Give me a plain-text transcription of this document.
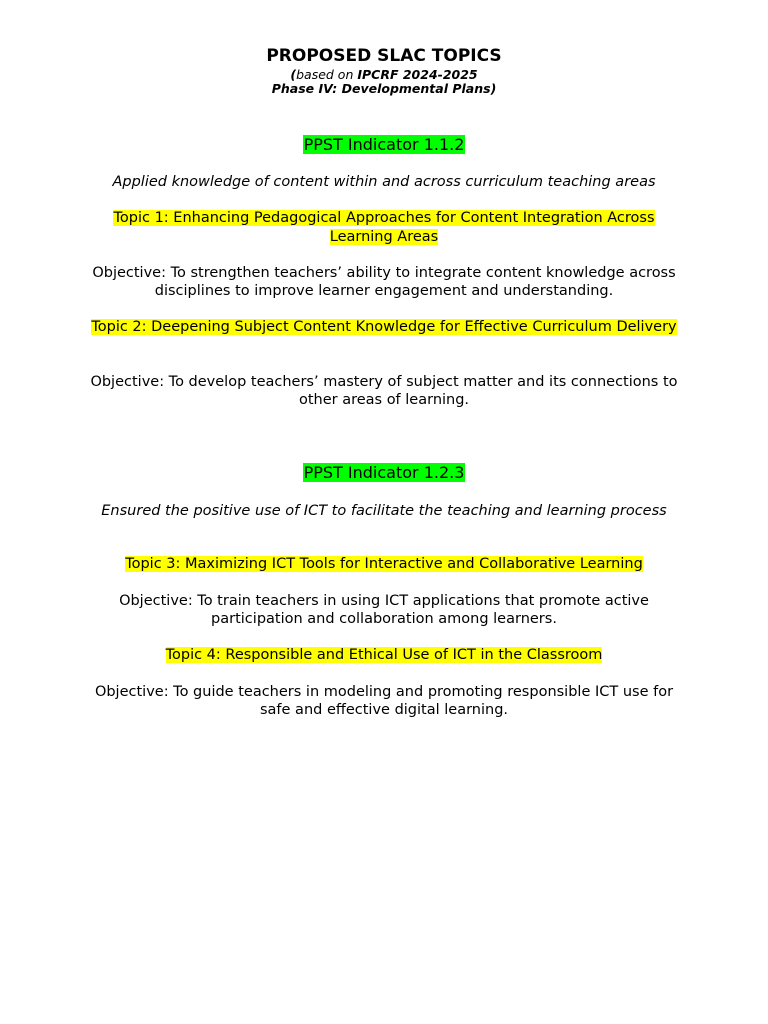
PROPOSED SLAC TOPICS
(based on IPCRF 2024-2025
Phase IV: Developmental Plans)
PPST Indicator 1.1.2
Applied knowledge of content within and across curriculum teaching areas
Topic 1: Enhancing Pedagogical Approaches for Content Integration Across Learning Areas
Objective: To strengthen teachers’ ability to integrate content knowledge across disciplines to improve learner engagement and understanding.
Topic 2: Deepening Subject Content Knowledge for Effective Curriculum Delivery
Objective: To develop teachers’ mastery of subject matter and its connections to other areas of learning.
PPST Indicator 1.2.3
Ensured the positive use of ICT to facilitate the teaching and learning process
Topic 3: Maximizing ICT Tools for Interactive and Collaborative Learning
Objective: To train teachers in using ICT applications that promote active participation and collaboration among learners.
Topic 4: Responsible and Ethical Use of ICT in the Classroom
Objective: To guide teachers in modeling and promoting responsible ICT use for safe and effective digital learning.
